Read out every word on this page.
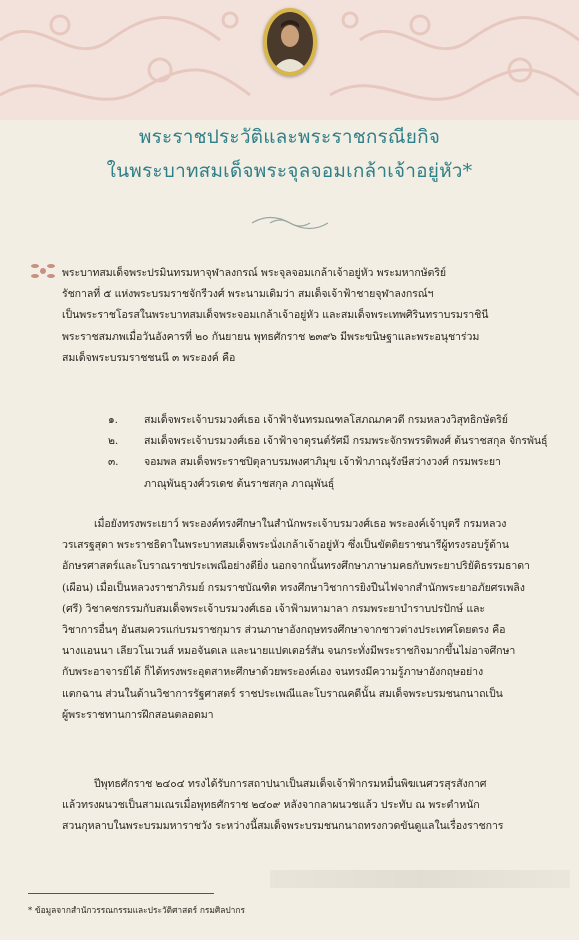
พระราชประวัติและพระราชกรณียกิจ
ในพระบาทสมเด็จพระจุลจอมเกล้าเจ้าอยู่หัว*
พระบาทสมเด็จพระปรมินทรมหาจุฬาลงกรณ์ พระจุลจอมเกล้าเจ้าอยู่หัว พระมหากษัตริย์
รัชกาลที่ ๕ แห่งพระบรมราชจักรีวงศ์ พระนามเดิมว่า สมเด็จเจ้าฟ้าชายจุฬาลงกรณ์ฯ
เป็นพระราชโอรสในพระบาทสมเด็จพระจอมเกล้าเจ้าอยู่หัว และสมเด็จพระเทพศิรินทราบรมราชินี
พระราชสมภพเมื่อวันอังคารที่ ๒๐ กันยายน พุทธศักราช ๒๓๙๖ มีพระขนิษฐาและพระอนุชาร่วม
สมเด็จพระบรมราชชนนี ๓ พระองค์ คือ
๑. สมเด็จพระเจ้าบรมวงศ์เธอ เจ้าฟ้าจันทรมณฑลโสภณภควดี กรมหลวงวิสุทธิกษัตริย์
๒. สมเด็จพระเจ้าบรมวงศ์เธอ เจ้าฟ้าจาตุรนต์รัศมี กรมพระจักรพรรดิพงศ์ ต้นราชสกุล จักรพันธุ์
๓. จอมพล สมเด็จพระราชปิตุลาบรมพงศาภิมุข เจ้าฟ้าภาณุรังษีสว่างวงศ์ กรมพระยา
ภาณุพันธุวงศ์วรเดช ต้นราชสกุล ภาณุพันธุ์
เมื่อยังทรงพระเยาว์ พระองค์ทรงศึกษาในสำนักพระเจ้าบรมวงศ์เธอ พระองค์เจ้าบุตรี กรมหลวง
วรเสรฐสุดา พระราชธิดาในพระบาทสมเด็จพระนั่งเกล้าเจ้าอยู่หัว ซึ่งเป็นขัตติยราชนารีผู้ทรงรอบรู้ด้าน
อักษรศาสตร์และโบราณราชประเพณีอย่างดียิ่ง นอกจากนั้นทรงศึกษาภาษามคธกับพระยาปริยัติธรรมธาดา
(เผือน) เมื่อเป็นหลวงราชาภิรมย์ กรมราชบัณฑิต ทรงศึกษาวิชาการยิงปืนไฟจากสำนักพระยาอภัยศรเพลิง
(ศรี) วิชาคชกรรมกับสมเด็จพระเจ้าบรมวงศ์เธอ เจ้าฟ้ามหามาลา กรมพระยาบำราบปรปักษ์ และ
วิชาการอื่นๆ อันสมควรแก่บรมราชกุมาร ส่วนภาษาอังกฤษทรงศึกษาจากชาวต่างประเทศโดยตรง คือ
นางแอนนา เลียวโนเวนส์ หมอจันดเล และนายแปตเตอร์สัน จนกระทั่งมีพระราชกิจมากขึ้นไม่อาจศึกษา
กับพระอาจารย์ได้ ก็ได้ทรงพระอุตสาหะศึกษาด้วยพระองค์เอง จนทรงมีความรู้ภาษาอังกฤษอย่าง
แตกฉาน ส่วนในด้านวิชาการรัฐศาสตร์ ราชประเพณีและโบราณคดีนั้น สมเด็จพระบรมชนกนาถเป็น
ผู้พระราชทานการฝึกสอนตลอดมา
ปีพุทธศักราช ๒๔๐๔ ทรงได้รับการสถาปนาเป็นสมเด็จเจ้าฟ้ากรมหมื่นพิฆเนศวรสุรสังกาศ
แล้วทรงผนวชเป็นสามเณรเมื่อพุทธศักราช ๒๔๐๙ หลังจากลาผนวชแล้ว ประทับ ณ พระตำหนัก
สวนกุหลาบในพระบรมมหาราชวัง ระหว่างนี้สมเด็จพระบรมชนกนาถทรงกวดขันดูแลในเรื่องราชการ
* ข้อมูลจากสำนักวรรณกรรมและประวัติศาสตร์ กรมศิลปากร
